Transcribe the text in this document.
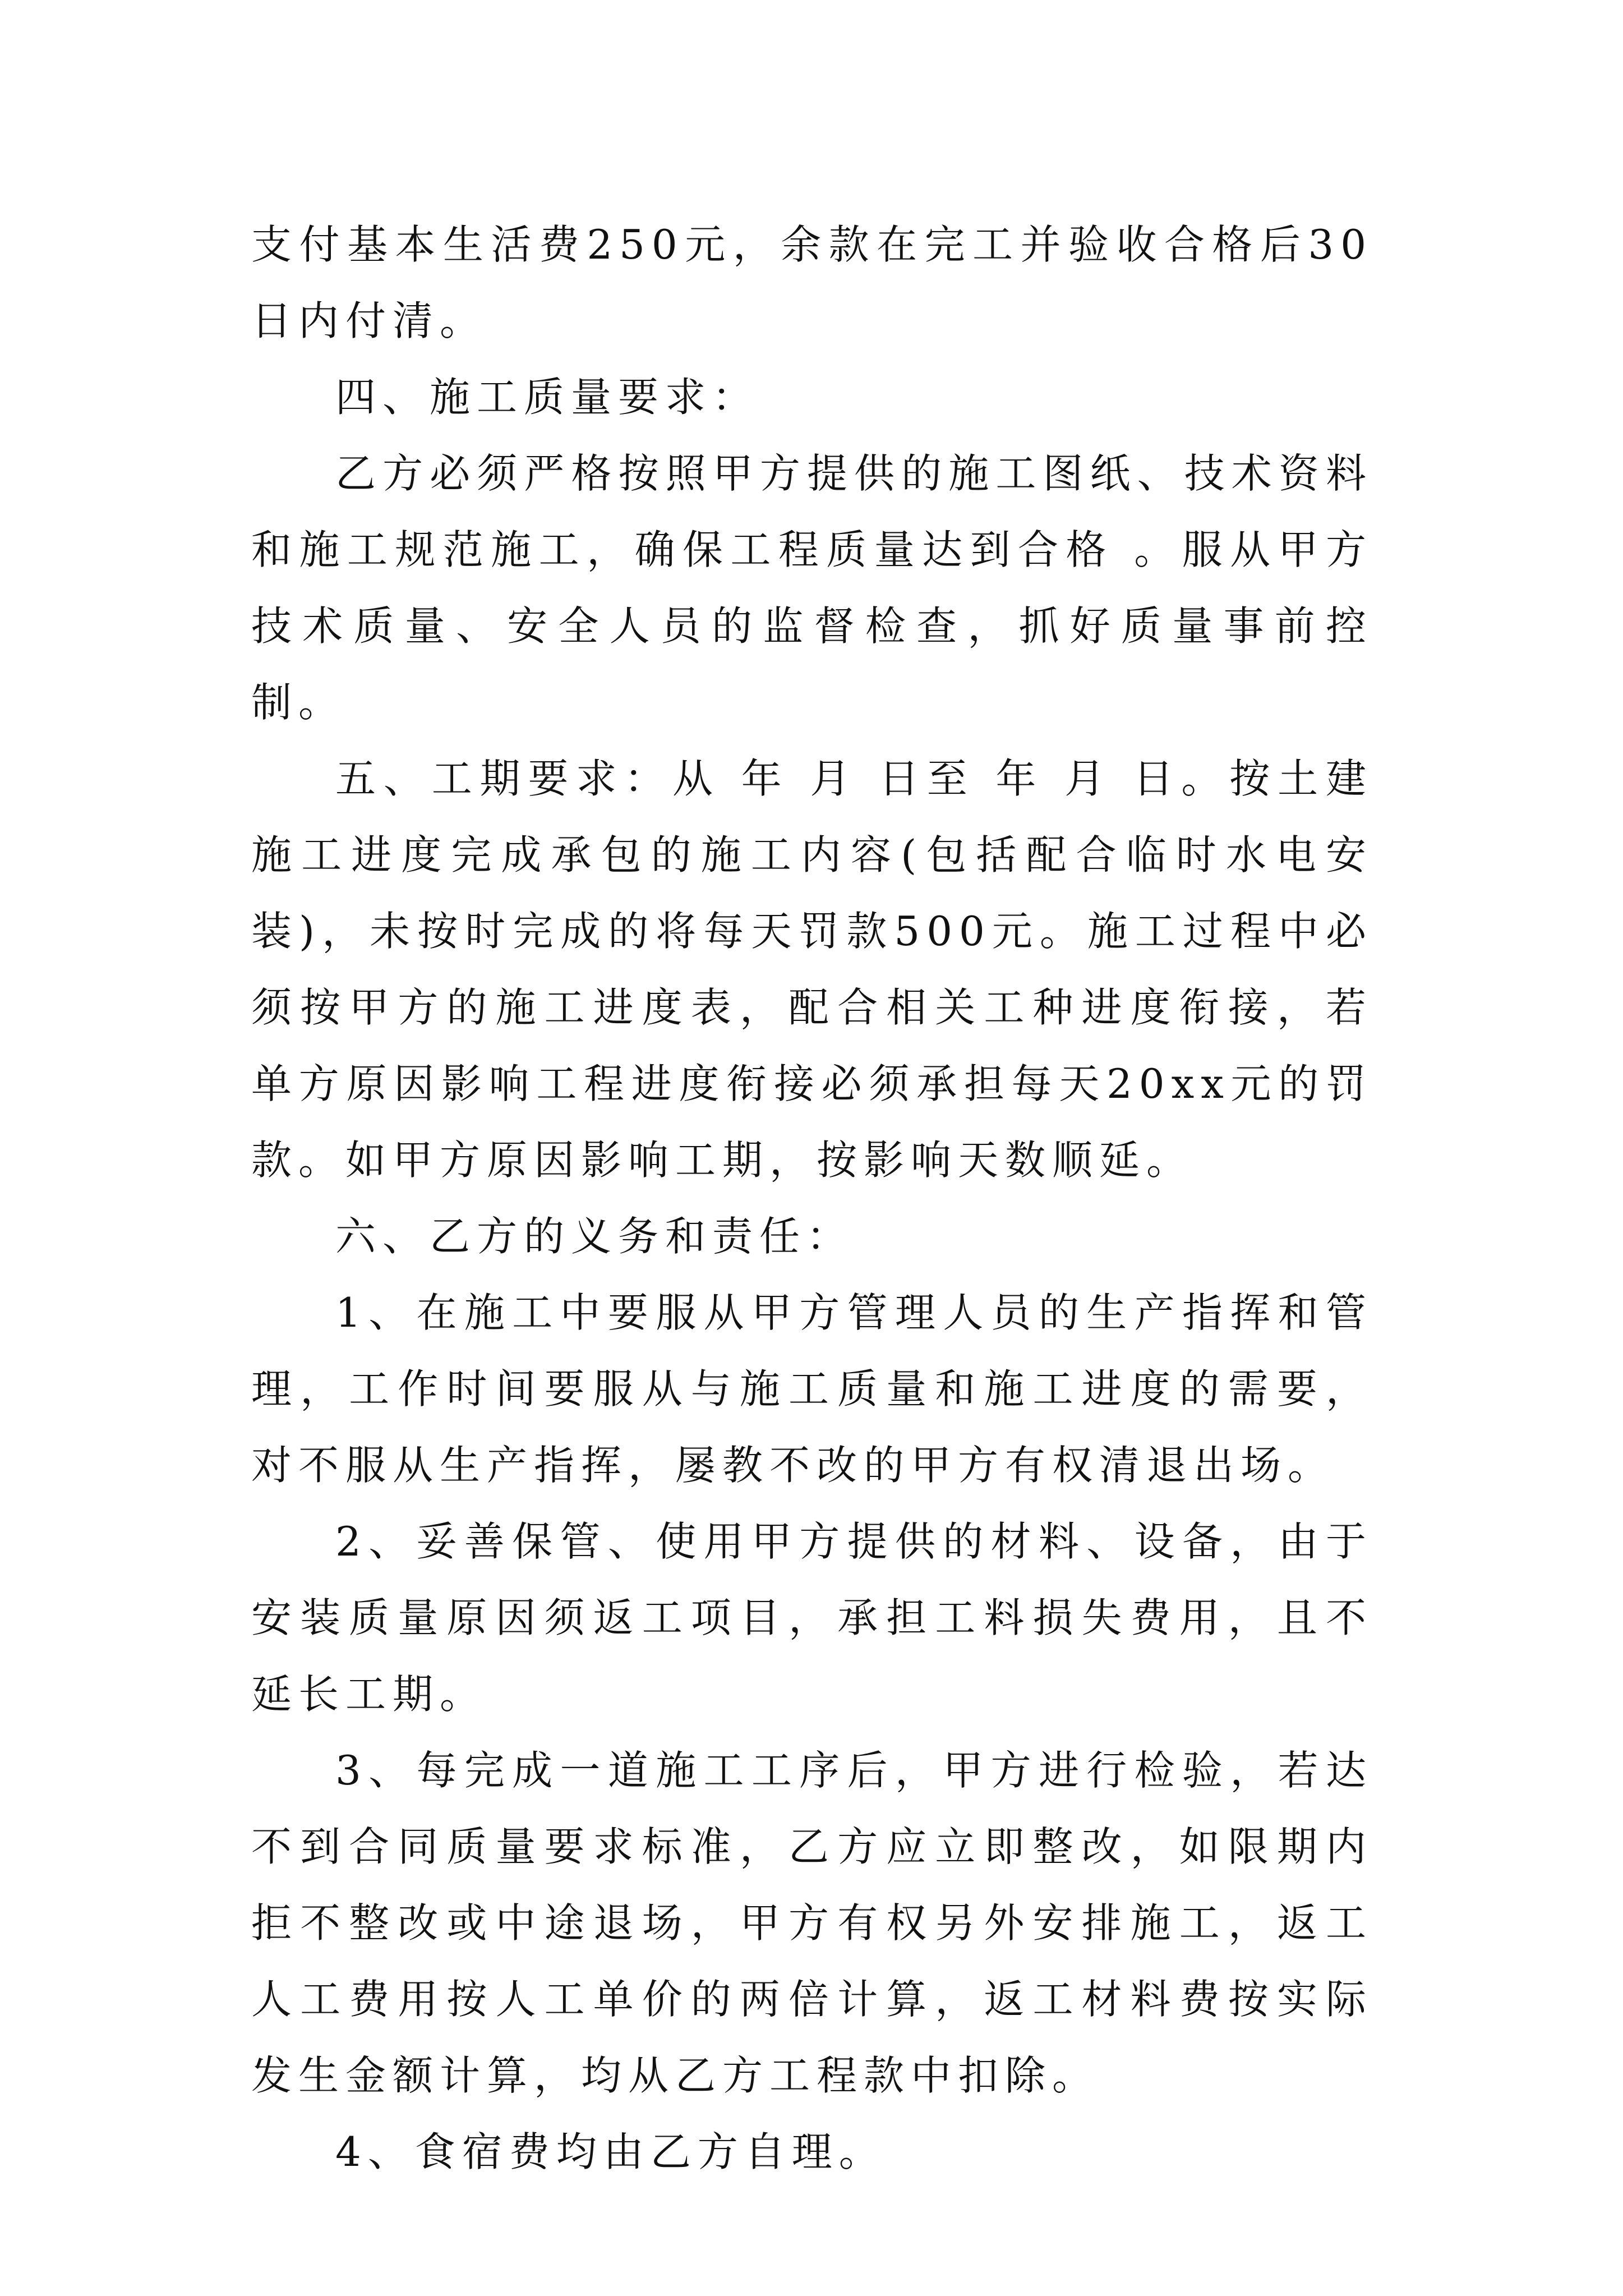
支付基本生活费250元，余款在完工并验收合格后30日内付清。

四、施工质量要求：

乙方必须严格按照甲方提供的施工图纸、技术资料和施工规范施工，确保工程质量达到合格 。服从甲方技术质量、安全人员的监督检查，抓好质量事前控制。

五、工期要求：从 年 月 日至 年 月 日。按土建施工进度完成承包的施工内容(包括配合临时水电安装)，未按时完成的将每天罚款500元。施工过程中必须按甲方的施工进度表，配合相关工种进度衔接，若单方原因影响工程进度衔接必须承担每天20xx元的罚款。如甲方原因影响工期，按影响天数顺延。

六、乙方的义务和责任：

1、在施工中要服从甲方管理人员的生产指挥和管理，工作时间要服从与施工质量和施工进度的需要，对不服从生产指挥，屡教不改的甲方有权清退出场。

2、妥善保管、使用甲方提供的材料、设备，由于安装质量原因须返工项目，承担工料损失费用，且不延长工期。

3、每完成一道施工工序后，甲方进行检验，若达不到合同质量要求标准，乙方应立即整改，如限期内拒不整改或中途退场，甲方有权另外安排施工，返工人工费用按人工单价的两倍计算，返工材料费按实际发生金额计算，均从乙方工程款中扣除。

4、食宿费均由乙方自理。
